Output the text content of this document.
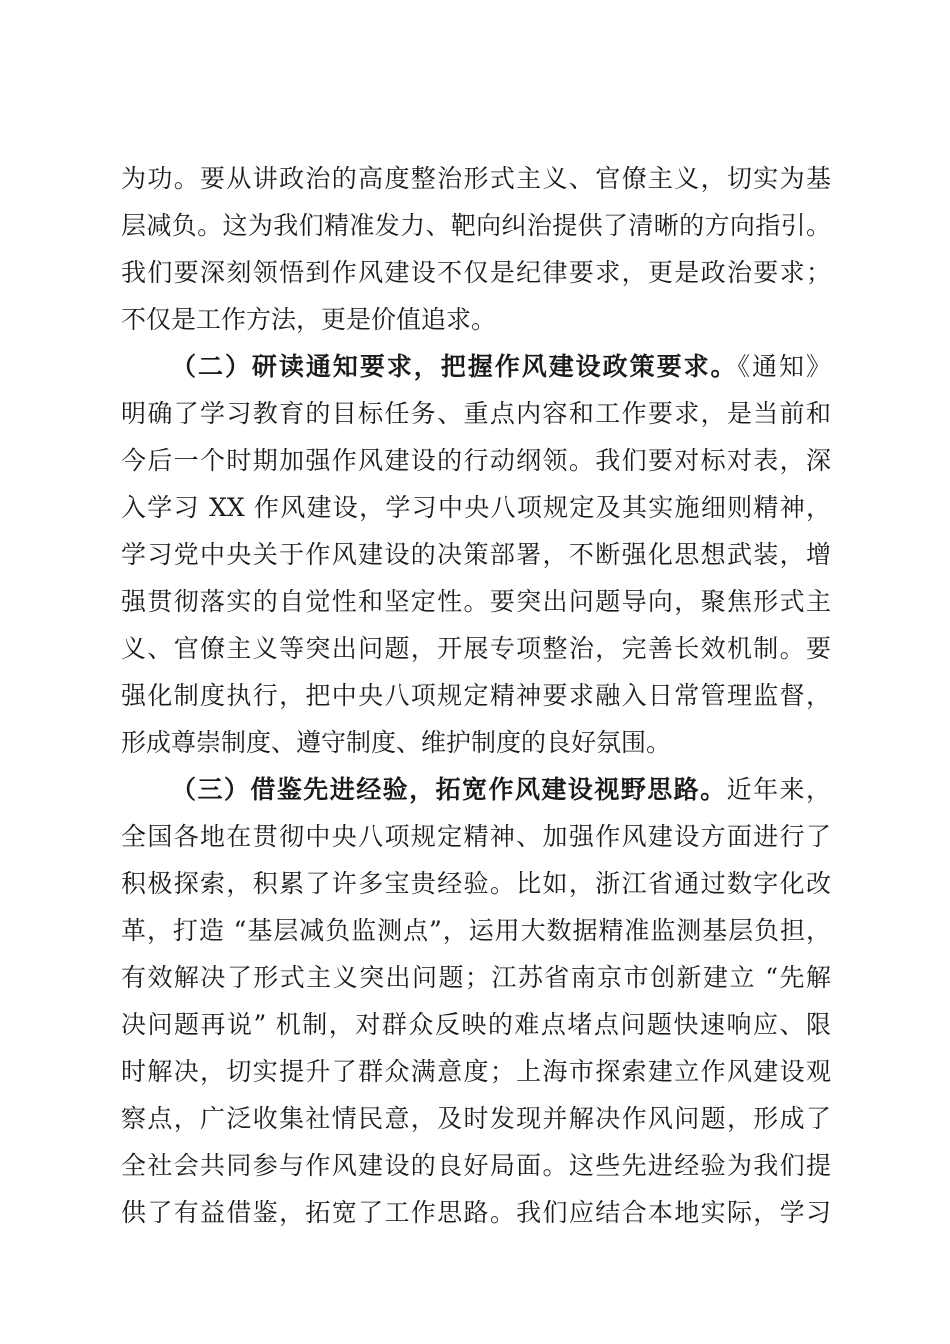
为功。要从讲政治的高度整治形式主义、官僚主义，切实为基
层减负。这为我们精准发力、靶向纠治提供了清晰的方向指引。
我们要深刻领悟到作风建设不仅是纪律要求，更是政治要求；
不仅是工作方法，更是价值追求。
（二）研读通知要求，把握作风建设政策要求。《通知》
明确了学习教育的目标任务、重点内容和工作要求，是当前和
今后一个时期加强作风建设的行动纲领。我们要对标对表，深
入学习 XX 作风建设，学习中央八项规定及其实施细则精神，
学习党中央关于作风建设的决策部署，不断强化思想武装，增
强贯彻落实的自觉性和坚定性。要突出问题导向，聚焦形式主
义、官僚主义等突出问题，开展专项整治，完善长效机制。要
强化制度执行，把中央八项规定精神要求融入日常管理监督，
形成尊崇制度、遵守制度、维护制度的良好氛围。
（三）借鉴先进经验，拓宽作风建设视野思路。近年来，
全国各地在贯彻中央八项规定精神、加强作风建设方面进行了
积极探索，积累了许多宝贵经验。比如，浙江省通过数字化改
革，打造 “基层减负监测点”，运用大数据精准监测基层负担，
有效解决了形式主义突出问题；江苏省南京市创新建立 “先解
决问题再说” 机制，对群众反映的难点堵点问题快速响应、限
时解决，切实提升了群众满意度；上海市探索建立作风建设观
察点，广泛收集社情民意，及时发现并解决作风问题，形成了
全社会共同参与作风建设的良好局面。这些先进经验为我们提
供了有益借鉴，拓宽了工作思路。我们应结合本地实际，学习
